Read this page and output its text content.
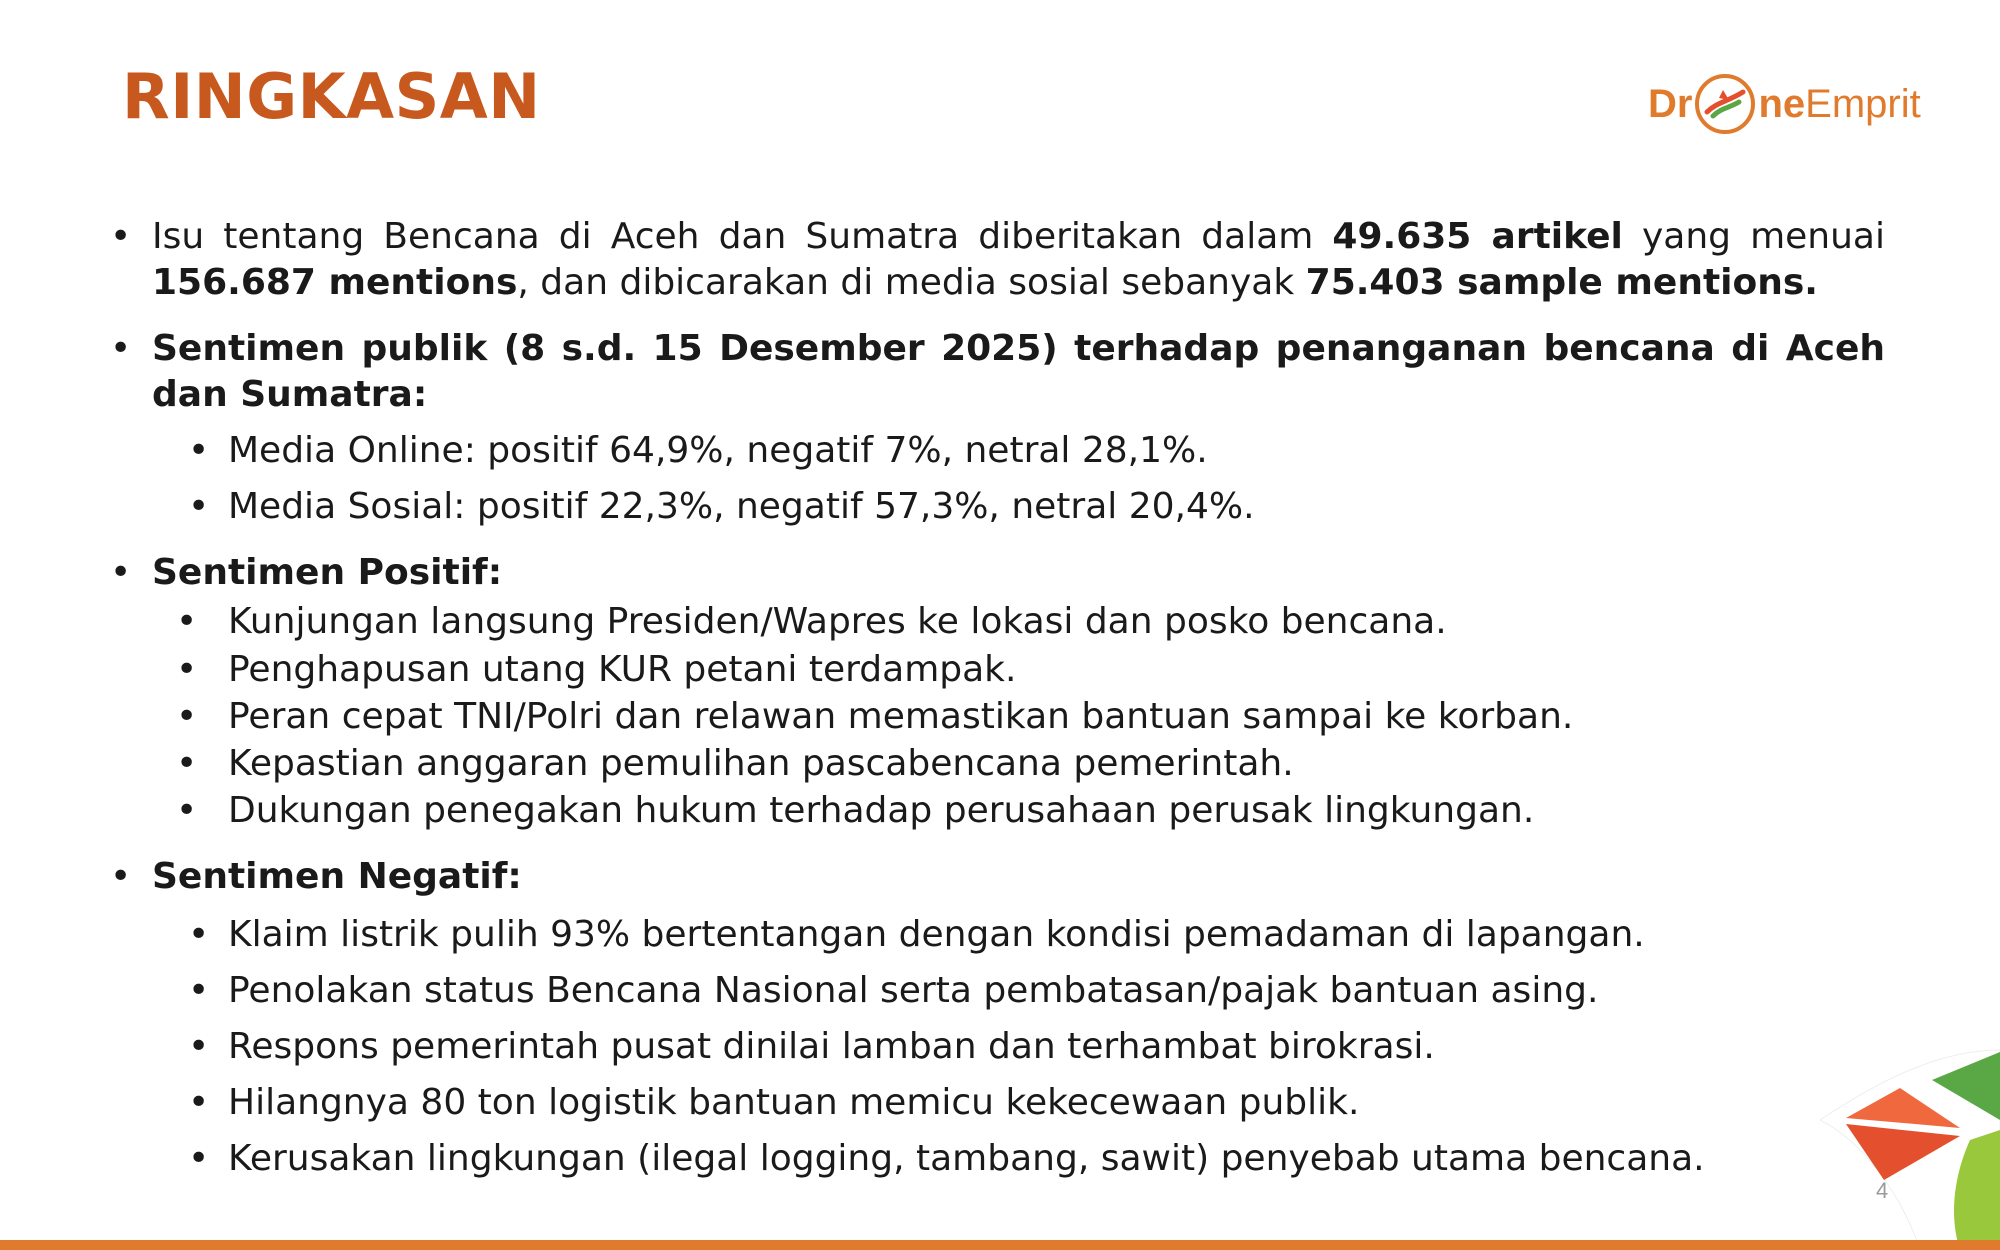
RINGKASAN	Dr neEmprit
• Isu tentang Bencana di Aceh dan Sumatra diberitakan dalam 49.635 artikel yang menuai 156.687 mentions, dan dibicarakan di media sosial sebanyak 75.403 sample mentions.
• Sentimen publik (8 s.d. 15 Desember 2025) terhadap penanganan bencana di Aceh dan Sumatra:
• Media Online: positif 64,9%, negatif 7%, netral 28,1%.
• Media Sosial: positif 22,3%, negatif 57,3%, netral 20,4%.
• Sentimen Positif:
• Kunjungan langsung Presiden/Wapres ke lokasi dan posko bencana.
• Penghapusan utang KUR petani terdampak.
• Peran cepat TNI/Polri dan relawan memastikan bantuan sampai ke korban.
• Kepastian anggaran pemulihan pascabencana pemerintah.
• Dukungan penegakan hukum terhadap perusahaan perusak lingkungan.
• Sentimen Negatif:
• Klaim listrik pulih 93% bertentangan dengan kondisi pemadaman di lapangan.
• Penolakan status Bencana Nasional serta pembatasan/pajak bantuan asing.
• Respons pemerintah pusat dinilai lamban dan terhambat birokrasi.
• Hilangnya 80 ton logistik bantuan memicu kekecewaan publik.
• Kerusakan lingkungan (ilegal logging, tambang, sawit) penyebab utama bencana.
4
